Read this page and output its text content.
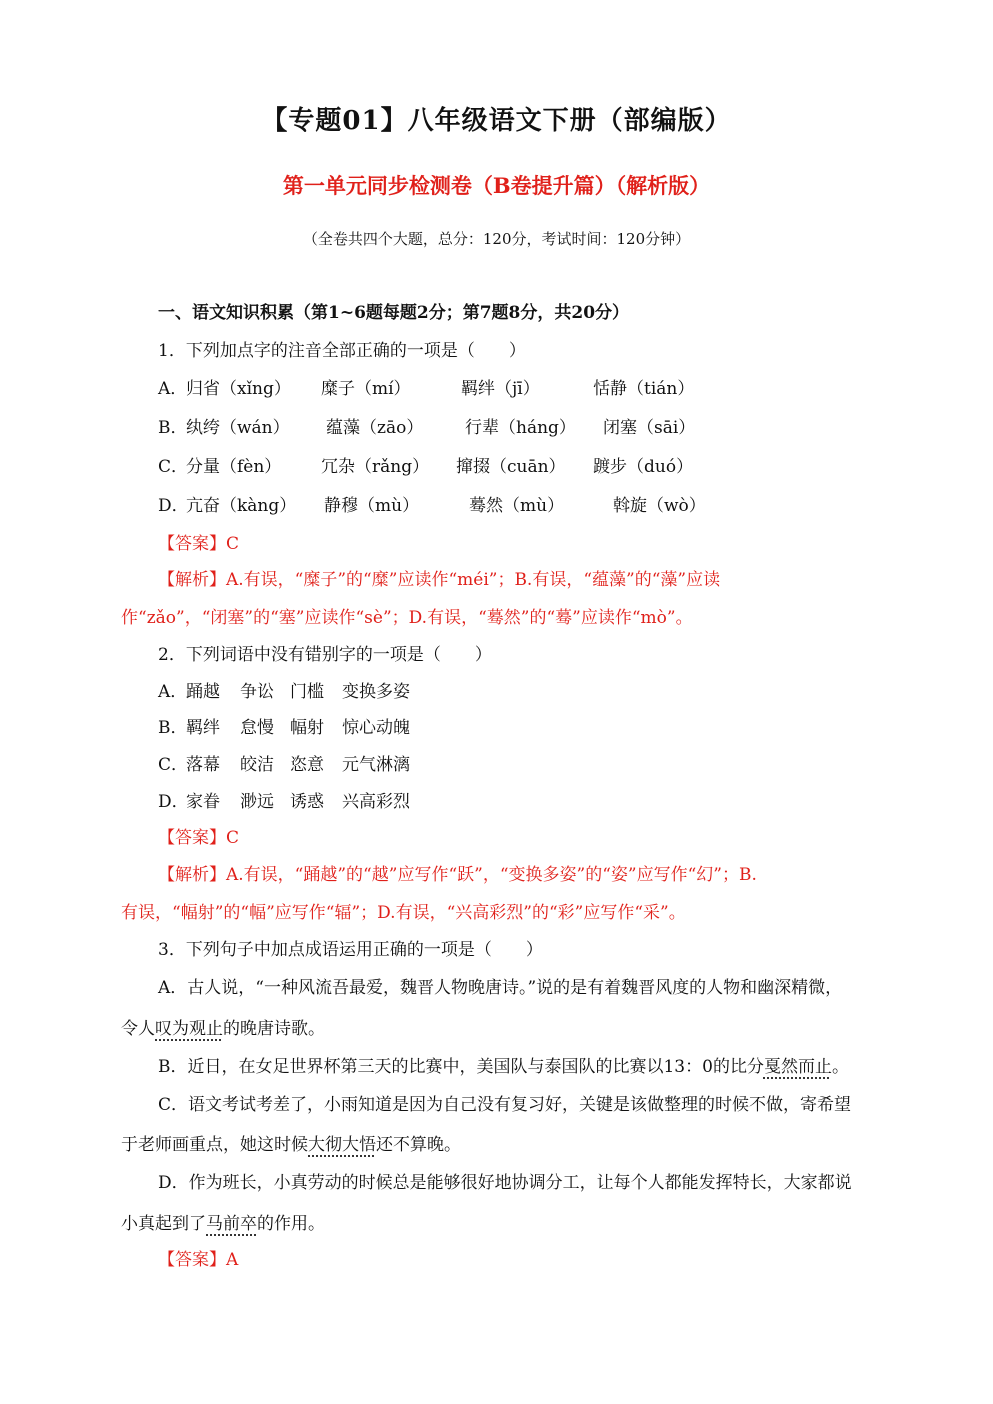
【专题01】八年级语文下册（部编版）
第一单元同步检测卷（B卷提升篇）（解析版）
（全卷共四个大题，总分：120分，考试时间：120分钟）
一、语文知识积累（第1~6题每题2分；第7题8分，共20分）
1．下列加点字的注音全部正确的一项是（　　）
A．
归省（xǐng） 糜子（mí）	羁绊（jī）	恬静（tián）
B．
纨绔（wán） 蕴藻（zāo） 行辈（háng） 闭塞（sāi）
C．
分量（fèn） 冗杂（rǎng） 撺掇（cuān） 踱步（duó）
D．
亢奋（kàng） 静穆（mù）	蓦然（mù）	斡旋（wò）
【答案】C
【解析】A.有误，“糜子”的“糜”应读作“méi”；B.有误，“蕴藻”的“藻”应读
作“zǎo”，“闭塞”的“塞”应读作“sè”；D.有误，“蓦然”的“蓦”应读作“mò”。
2．下列词语中没有错别字的一项是（　　）
A．
踊越 争讼 门槛 变换多姿
B．
羁绊 怠慢 幅射 惊心动魄
C．
落幕 皎洁 恣意 元气淋漓
D．
家眷 渺远 诱惑 兴高彩烈
【答案】C
【解析】A.有误，“踊越”的“越”应写作“跃”，“变换多姿”的“姿”应写作“幻”；B.
有误，“幅射”的“幅”应写作“辐”；D.有误，“兴高彩烈”的“彩”应写作“采”。
3．下列句子中加点成语运用正确的一项是（　　）
A．古人说，“一种风流吾最爱，魏晋人物晚唐诗。”说的是有着魏晋风度的人物和幽深精微，
令人叹为观止的晚唐诗歌。
B．近日，在女足世界杯第三天的比赛中，美国队与泰国队的比赛以13：0的比分戛然而止。
C．语文考试考差了，小雨知道是因为自己没有复习好，关键是该做整理的时候不做，寄希望
于老师画重点，她这时候大彻大悟还不算晚。
D．作为班长，小真劳动的时候总是能够很好地协调分工，让每个人都能发挥特长，大家都说
小真起到了马前卒的作用。
【答案】A
